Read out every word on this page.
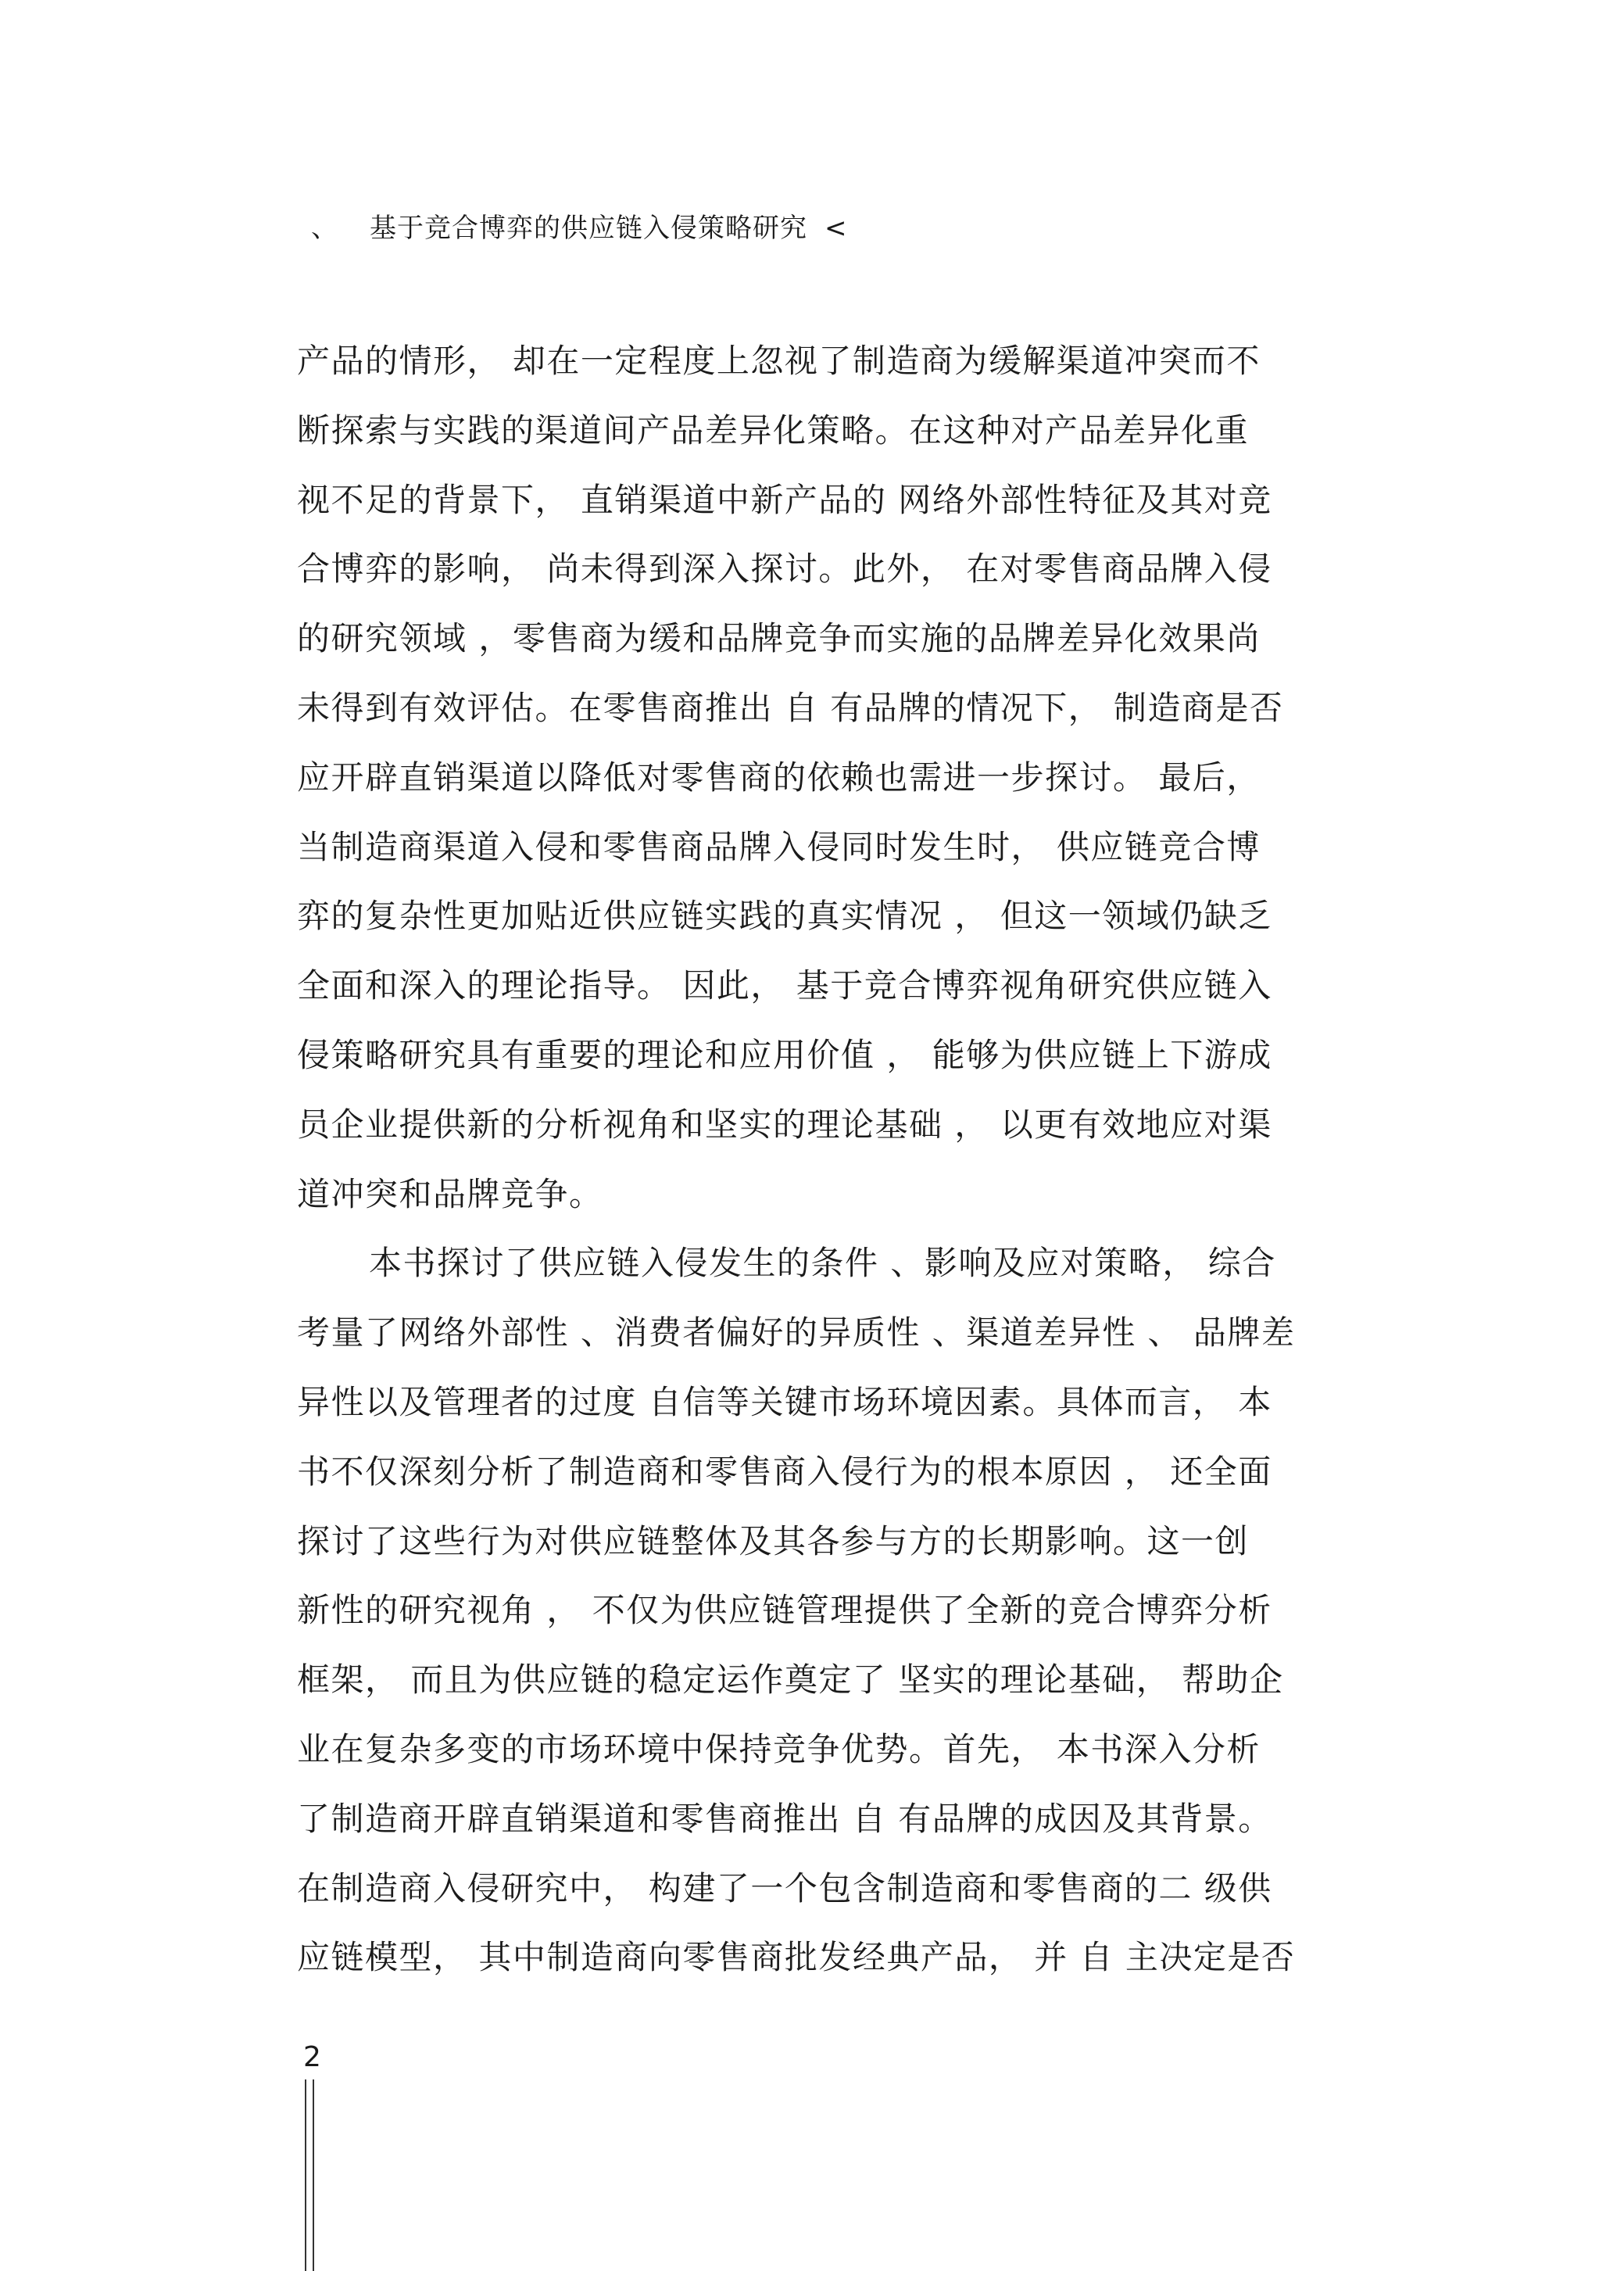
、 基于竞合博弈的供应链入侵策略研究 <
产品的情形， 却在一定程度上忽视了制造商为缓解渠道冲突而不
断探索与实践的渠道间产品差异化策略。在这种对产品差异化重
视不足的背景下， 直销渠道中新产品的 网络外部性特征及其对竞
合博弈的影响， 尚未得到深入探讨。此外， 在对零售商品牌入侵
的研究领域 ，零售商为缓和品牌竞争而实施的品牌差异化效果尚
未得到有效评估。在零售商推出 自 有品牌的情况下， 制造商是否
应开辟直销渠道以降低对零售商的依赖也需进一步探讨。 最后，
当制造商渠道入侵和零售商品牌入侵同时发生时， 供应链竞合博
弈的复杂性更加贴近供应链实践的真实情况 ， 但这一领域仍缺乏
全面和深入的理论指导。 因此， 基于竞合博弈视角研究供应链入
侵策略研究具有重要的理论和应用价值 ， 能够为供应链上下游成
员企业提供新的分析视角和坚实的理论基础 ， 以更有效地应对渠
道冲突和品牌竞争。
本书探讨了供应链入侵发生的条件 、影响及应对策略， 综合
考量了网络外部性 、消费者偏好的异质性 、渠道差异性 、 品牌差
异性以及管理者的过度 自信等关键市场环境因素。具体而言， 本
书不仅深刻分析了制造商和零售商入侵行为的根本原因 ， 还全面
探讨了这些行为对供应链整体及其各参与方的长期影响。这一创
新性的研究视角 ， 不仅为供应链管理提供了全新的竞合博弈分析
框架， 而且为供应链的稳定运作奠定了 坚实的理论基础， 帮助企
业在复杂多变的市场环境中保持竞争优势。首先， 本书深入分析
了制造商开辟直销渠道和零售商推出 自 有品牌的成因及其背景。
在制造商入侵研究中， 构建了一个包含制造商和零售商的二 级供
应链模型， 其中制造商向零售商批发经典产品， 并 自 主决定是否
2
